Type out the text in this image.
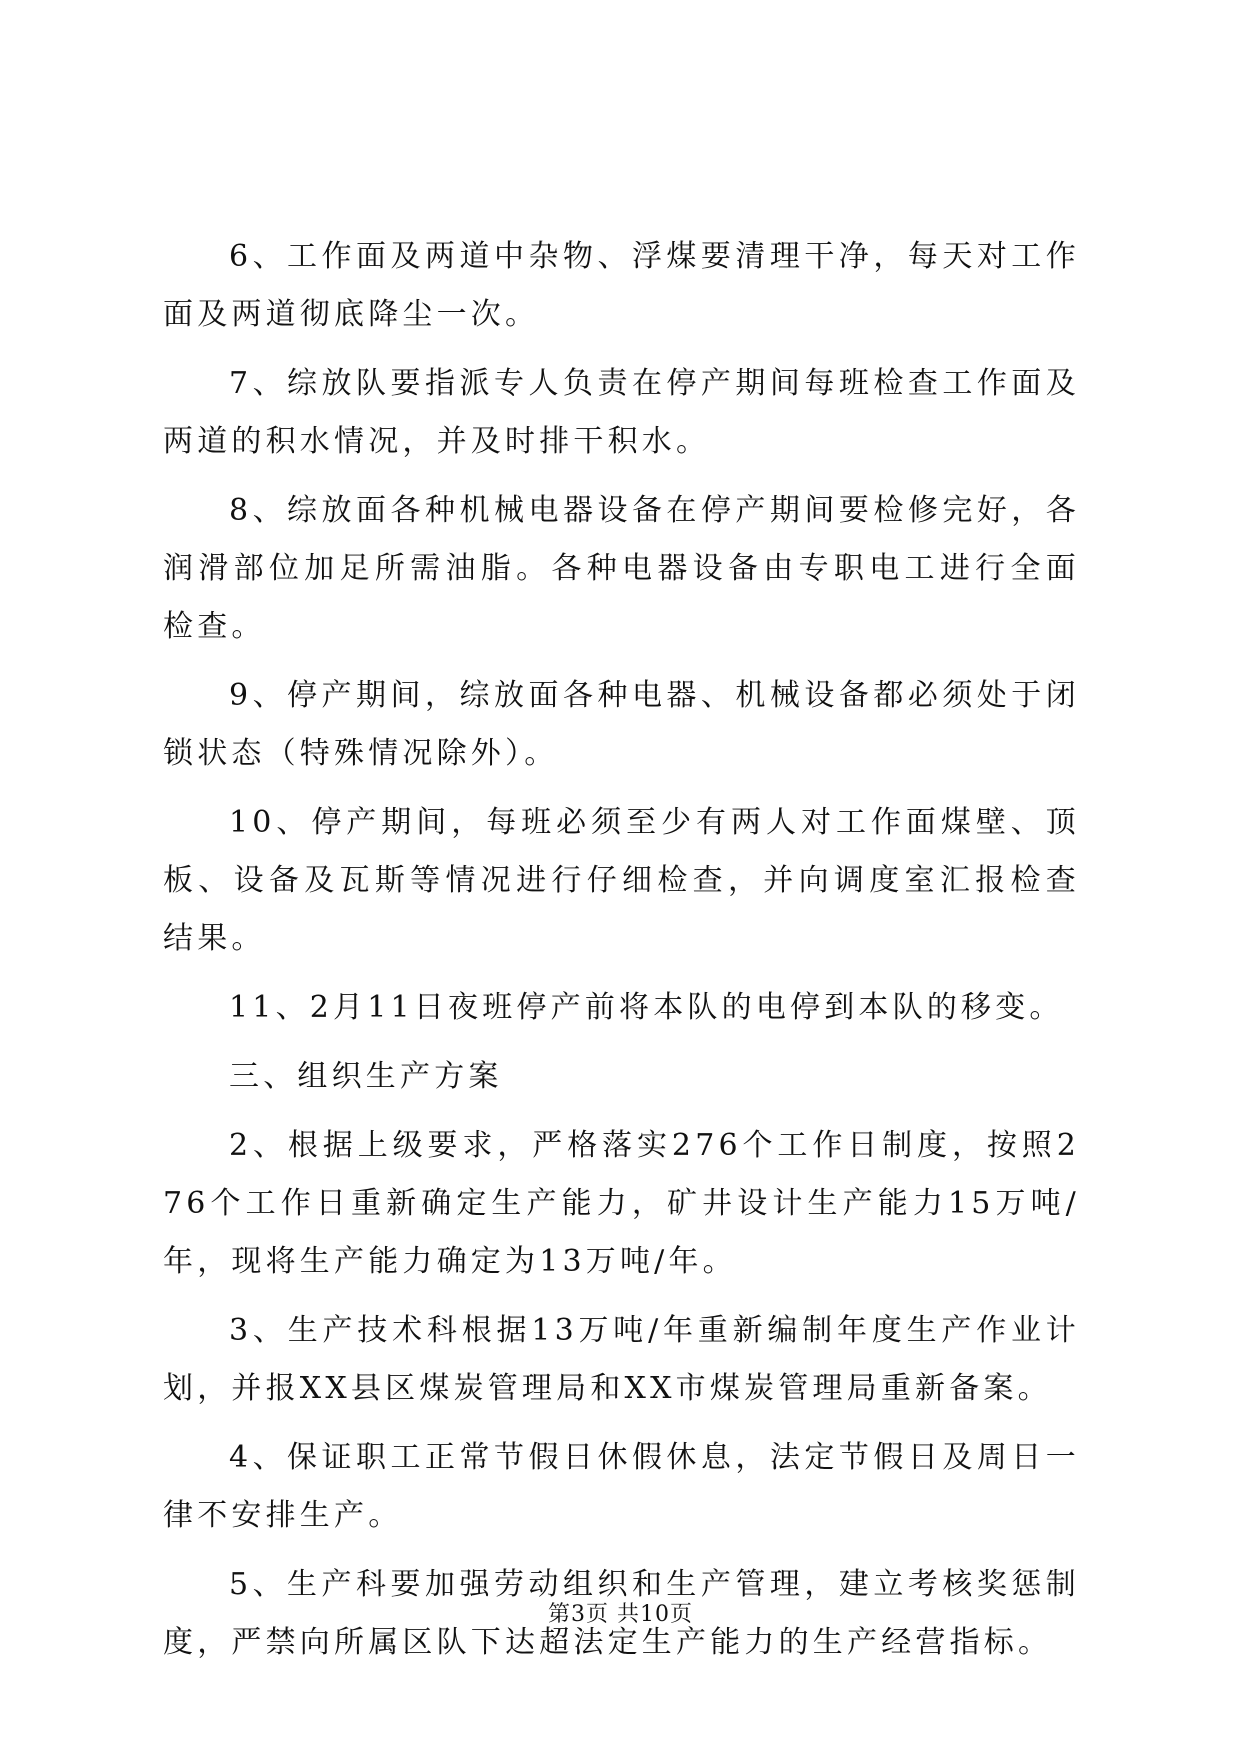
6、工作面及两道中杂物、浮煤要清理干净，每天对工作面及两道彻底降尘一次。

7、综放队要指派专人负责在停产期间每班检查工作面及两道的积水情况，并及时排干积水。

8、综放面各种机械电器设备在停产期间要检修完好，各润滑部位加足所需油脂。各种电器设备由专职电工进行全面检查。

9、停产期间，综放面各种电器、机械设备都必须处于闭锁状态（特殊情况除外）。

10、停产期间，每班必须至少有两人对工作面煤壁、顶板、设备及瓦斯等情况进行仔细检查，并向调度室汇报检查结果。

11、2月11日夜班停产前将本队的电停到本队的移变。

三、组织生产方案

2、根据上级要求，严格落实276个工作日制度，按照276个工作日重新确定生产能力，矿井设计生产能力15万吨/年，现将生产能力确定为13万吨/年。

3、生产技术科根据13万吨/年重新编制年度生产作业计划，并报XX县区煤炭管理局和XX市煤炭管理局重新备案。

4、保证职工正常节假日休假休息，法定节假日及周日一律不安排生产。

5、生产科要加强劳动组织和生产管理，建立考核奖惩制度，严禁向所属区队下达超法定生产能力的生产经营指标。

第3页 共10页
